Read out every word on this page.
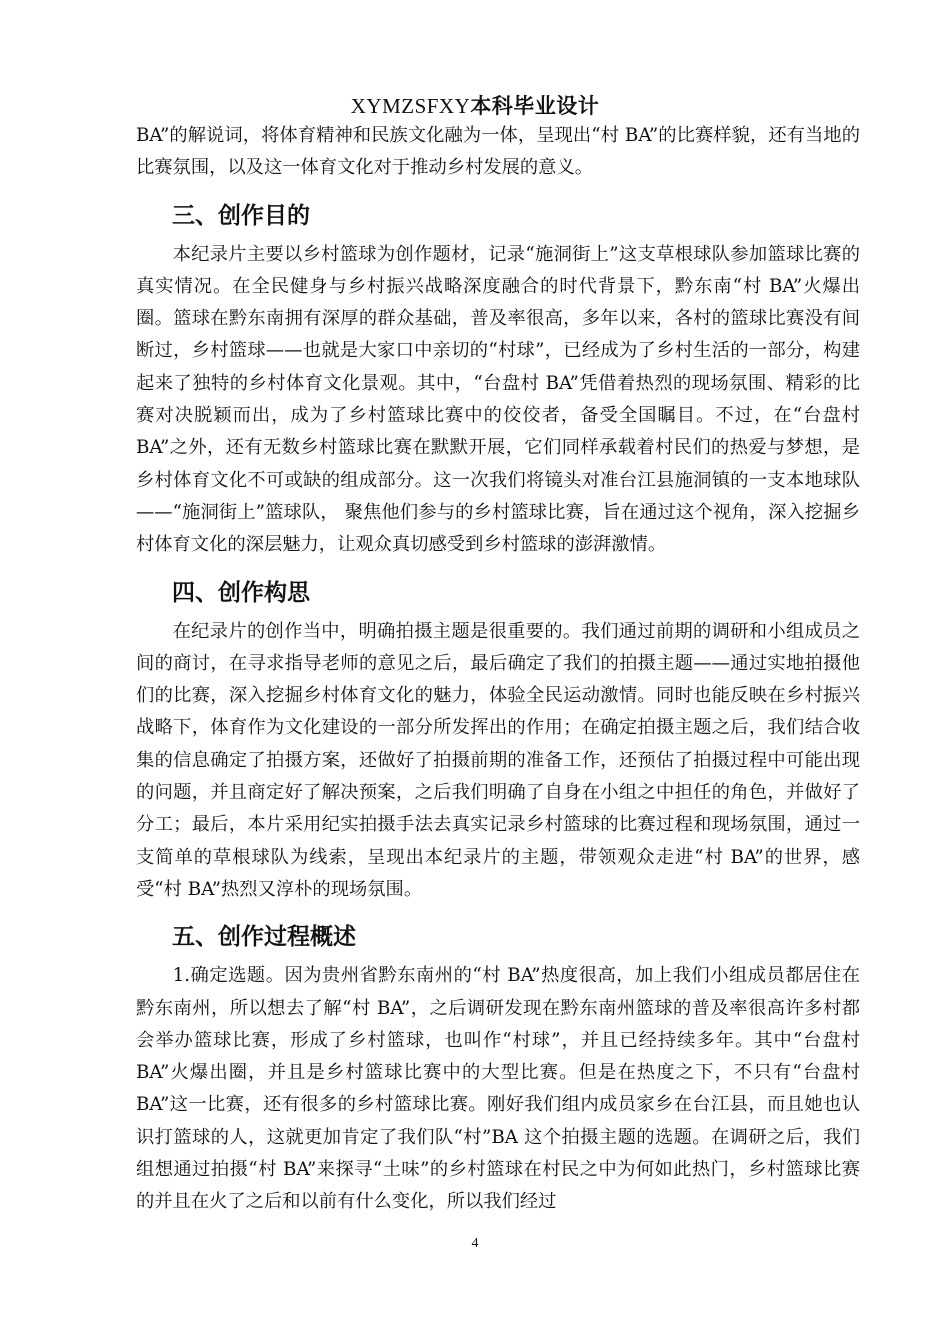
XYMZSFXY本科毕业设计

BA”的解说词，将体育精神和民族文化融为一体，呈现出“村 BA”的比赛样貌，还有当地的比赛氛围，以及这一体育文化对于推动乡村发展的意义。

三、创作目的

本纪录片主要以乡村篮球为创作题材，记录“施洞街上”这支草根球队参加篮球比赛的真实情况。在全民健身与乡村振兴战略深度融合的时代背景下，黔东南“村 BA”火爆出圈。篮球在黔东南拥有深厚的群众基础，普及率很高，多年以来，各村的篮球比赛没有间断过，乡村篮球——也就是大家口中亲切的“村球”，已经成为了乡村生活的一部分，构建起来了独特的乡村体育文化景观。其中，“台盘村 BA”凭借着热烈的现场氛围、精彩的比赛对决脱颖而出，成为了乡村篮球比赛中的佼佼者，备受全国瞩目。不过，在“台盘村 BA”之外，还有无数乡村篮球比赛在默默开展，它们同样承载着村民们的热爱与梦想，是乡村体育文化不可或缺的组成部分。这一次我们将镜头对准台江县施洞镇的一支本地球队——“施洞街上”篮球队， 聚焦他们参与的乡村篮球比赛，旨在通过这个视角，深入挖掘乡村体育文化的深层魅力，让观众真切感受到乡村篮球的澎湃激情。

四、创作构思

在纪录片的创作当中，明确拍摄主题是很重要的。我们通过前期的调研和小组成员之间的商讨，在寻求指导老师的意见之后，最后确定了我们的拍摄主题——通过实地拍摄他们的比赛，深入挖掘乡村体育文化的魅力，体验全民运动激情。同时也能反映在乡村振兴战略下，体育作为文化建设的一部分所发挥出的作用；在确定拍摄主题之后，我们结合收集的信息确定了拍摄方案，还做好了拍摄前期的准备工作，还预估了拍摄过程中可能出现的问题，并且商定好了解决预案，之后我们明确了自身在小组之中担任的角色，并做好了分工；最后，本片采用纪实拍摄手法去真实记录乡村篮球的比赛过程和现场氛围，通过一支简单的草根球队为线索，呈现出本纪录片的主题，带领观众走进“村 BA”的世界，感受“村 BA”热烈又淳朴的现场氛围。

五、创作过程概述

1.确定选题。因为贵州省黔东南州的“村 BA”热度很高，加上我们小组成员都居住在黔东南州，所以想去了解“村 BA”，之后调研发现在黔东南州篮球的普及率很高许多村都会举办篮球比赛，形成了乡村篮球，也叫作“村球”，并且已经持续多年。其中“台盘村 BA”火爆出圈，并且是乡村篮球比赛中的大型比赛。但是在热度之下，不只有“台盘村 BA”这一比赛，还有很多的乡村篮球比赛。刚好我们组内成员家乡在台江县，而且她也认识打篮球的人，这就更加肯定了我们队“村”BA 这个拍摄主题的选题。在调研之后，我们组想通过拍摄“村 BA”来探寻“土味”的乡村篮球在村民之中为何如此热门，乡村篮球比赛的并且在火了之后和以前有什么变化，所以我们经过

4
